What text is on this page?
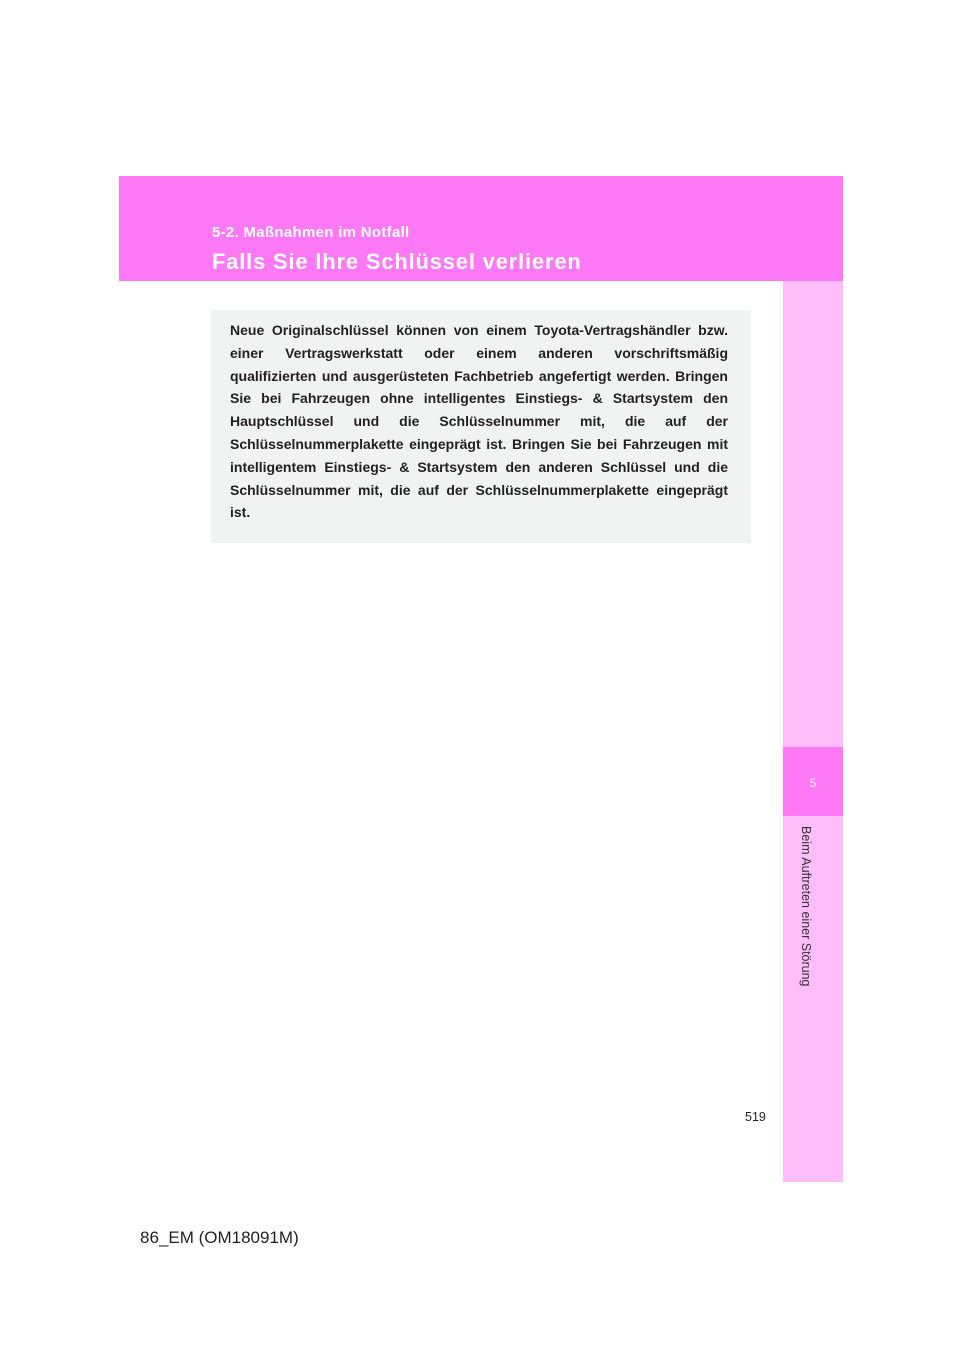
5-2. Maßnahmen im Notfall
Falls Sie Ihre Schlüssel verlieren
5
Beim Auftreten einer Störung

Neue Originalschlüssel können von einem Toyota-Vertragshändler bzw. einer Vertragswerkstatt oder einem anderen vorschriftsmäßig qualifizierten und ausgerüsteten Fachbetrieb angefertigt werden. Bringen Sie bei Fahrzeugen ohne intelligentes Einstiegs- & Startsystem den Hauptschlüssel und die Schlüsselnummer mit, die auf der Schlüsselnummerplakette eingeprägt ist. Bringen Sie bei Fahrzeugen mit intelligentem Einstiegs- & Startsystem den anderen Schlüssel und die Schlüsselnummer mit, die auf der Schlüsselnummerplakette eingeprägt ist.

519
86_EM (OM18091M)
